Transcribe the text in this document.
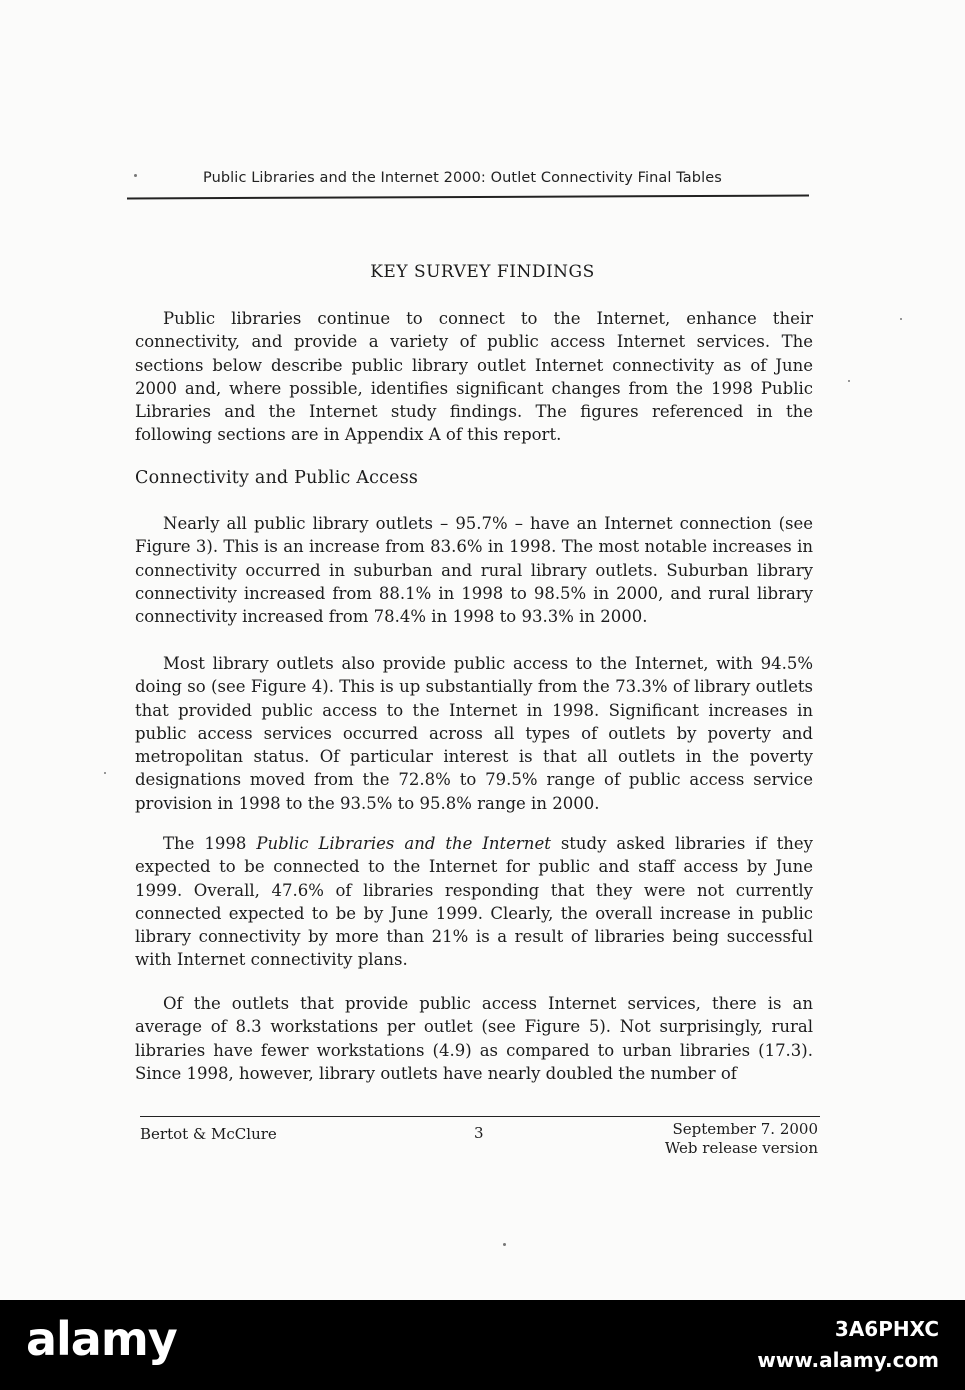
Public Libraries and the Internet 2000: Outlet Connectivity Final Tables
KEY SURVEY FINDINGS

Public libraries continue to connect to the Internet, enhance their connectivity, and provide a variety of public access Internet services. The sections below describe public library outlet Internet connectivity as of June 2000 and, where possible, identifies significant changes from the 1998 Public Libraries and the Internet study findings. The figures referenced in the following sections are in Appendix A of this report.

Connectivity and Public Access

Nearly all public library outlets – 95.7% – have an Internet connection (see Figure 3). This is an increase from 83.6% in 1998. The most notable increases in connectivity occurred in suburban and rural library outlets. Suburban library connectivity increased from 88.1% in 1998 to 98.5% in 2000, and rural library connectivity increased from 78.4% in 1998 to 93.3% in 2000.

Most library outlets also provide public access to the Internet, with 94.5% doing so (see Figure 4). This is up substantially from the 73.3% of library outlets that provided public access to the Internet in 1998. Significant increases in public access services occurred across all types of outlets by poverty and metropolitan status. Of particular interest is that all outlets in the poverty designations moved from the 72.8% to 79.5% range of public access service provision in 1998 to the 93.5% to 95.8% range in 2000.

The 1998 Public Libraries and the Internet study asked libraries if they expected to be connected to the Internet for public and staff access by June 1999. Overall, 47.6% of libraries responding that they were not currently connected expected to be by June 1999. Clearly, the overall increase in public library connectivity by more than 21% is a result of libraries being successful with Internet connectivity plans.

Of the outlets that provide public access Internet services, there is an average of 8.3 workstations per outlet (see Figure 5). Not surprisingly, rural libraries have fewer workstations (4.9) as compared to urban libraries (17.3). Since 1998, however, library outlets have nearly doubled the number of

Bertot & McClure	3	September 7. 2000
Web release version
alamy	3A6PHXC
www.alamy.com
